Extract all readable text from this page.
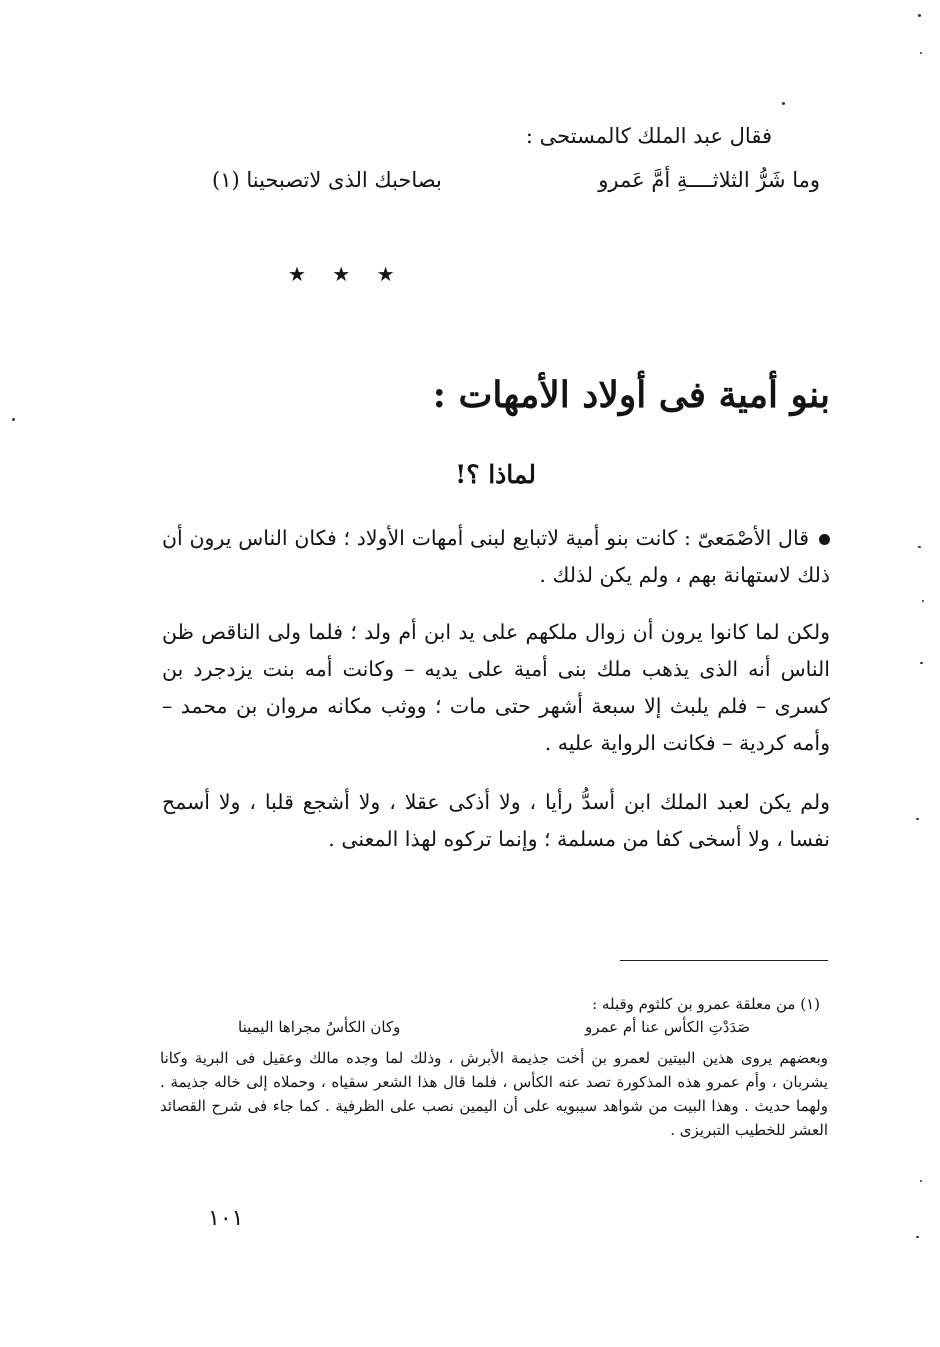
فقال عبد الملك كالمستحى :
وما شَرُّ الثلاثــــةِ أمَّ عَمرو
بصاحبك الذى لاتصبحينا (١)
★ ★ ★
بنو أمية فى أولاد الأمهات :
لماذا ؟!
قال الأصْمَعىّ : كانت بنو أمية لاتبايع لبنى أمهات الأولاد ؛ فكان الناس يرون أن ذلك لاستهانة بهم ، ولم يكن لذلك .
ولكن لما كانوا يرون أن زوال ملكهم على يد ابن أم ولد ؛ فلما ولى الناقص ظن الناس أنه الذى يذهب ملك بنى أمية على يديه – وكانت أمه بنت يزدجرد بن كسرى – فلم يلبث إلا سبعة أشهر حتى مات ؛ ووثب مكانه مروان بن محمد – وأمه كردية – فكانت الرواية عليه .
ولم يكن لعبد الملك ابن أسدُّ رأيا ، ولا أذكى عقلا ، ولا أشجع قلبا ، ولا أسمح نفسا ، ولا أسخى كفا من مسلمة ؛ وإنما تركوه لهذا المعنى .
(١) من معلقة عمرو بن كلثوم وقبله :
صَدَدْتِ الكأس عنا أم عمرو
وكان الكأسُ مجراها اليمينا
وبعضهم يروى هذين البيتين لعمرو بن أخت جذيمة الأبرش ، وذلك لما وجده مالك وعقيل فى البرية وكانا يشربان ، وأم عمرو هذه المذكورة تصد عنه الكأس ، فلما قال هذا الشعر سقياه ، وحملاه إلى خاله جذيمة . ولهما حديث . وهذا البيت من شواهد سيبويه على أن اليمين نصب على الظرفية . كما جاء فى شرح القصائد العشر للخطيب التبريزى .
١٠١
